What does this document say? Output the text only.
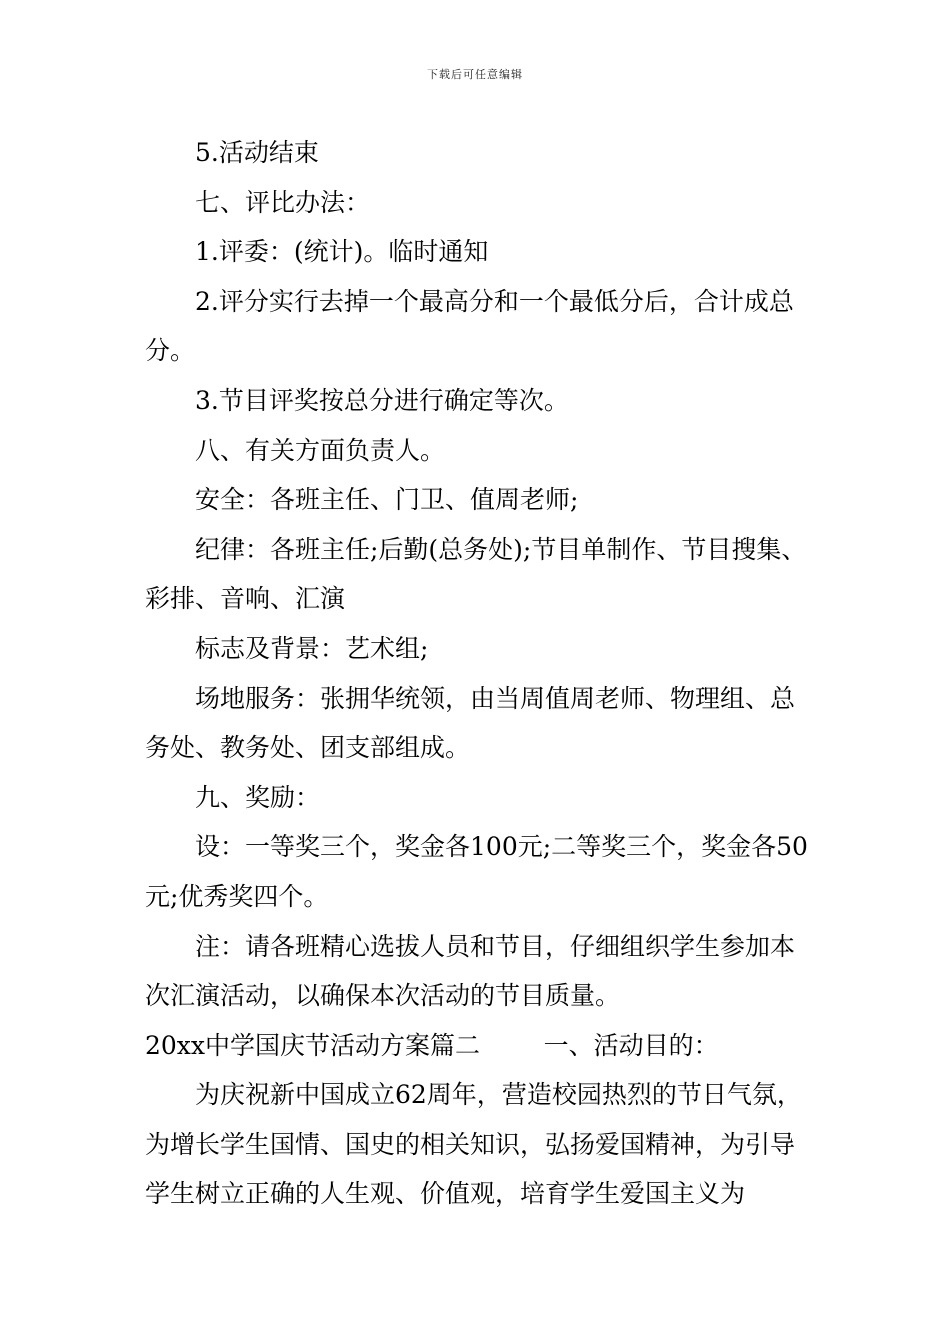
下载后可任意编辑

5.活动结束

七、评比办法：

1.评委：(统计)。临时通知

2.评分实行去掉一个最高分和一个最低分后，合计成总分。

3.节目评奖按总分进行确定等次。

八、有关方面负责人。

安全：各班主任、门卫、值周老师;

纪律：各班主任;后勤(总务处);节目单制作、节目搜集、彩排、音响、汇演

标志及背景：艺术组;

场地服务：张拥华统领，由当周值周老师、物理组、总务处、教务处、团支部组成。

九、奖励：

设：一等奖三个，奖金各100元;二等奖三个，奖金各50元;优秀奖四个。

注：请各班精心选拔人员和节目，仔细组织学生参加本次汇演活动，以确保本次活动的节目质量。

20xx中学国庆节活动方案篇二        一、活动目的：

为庆祝新中国成立62周年，营造校园热烈的节日气氛，为增长学生国情、国史的相关知识，弘扬爱国精神，为引导学生树立正确的人生观、价值观，培育学生爱国主义为
